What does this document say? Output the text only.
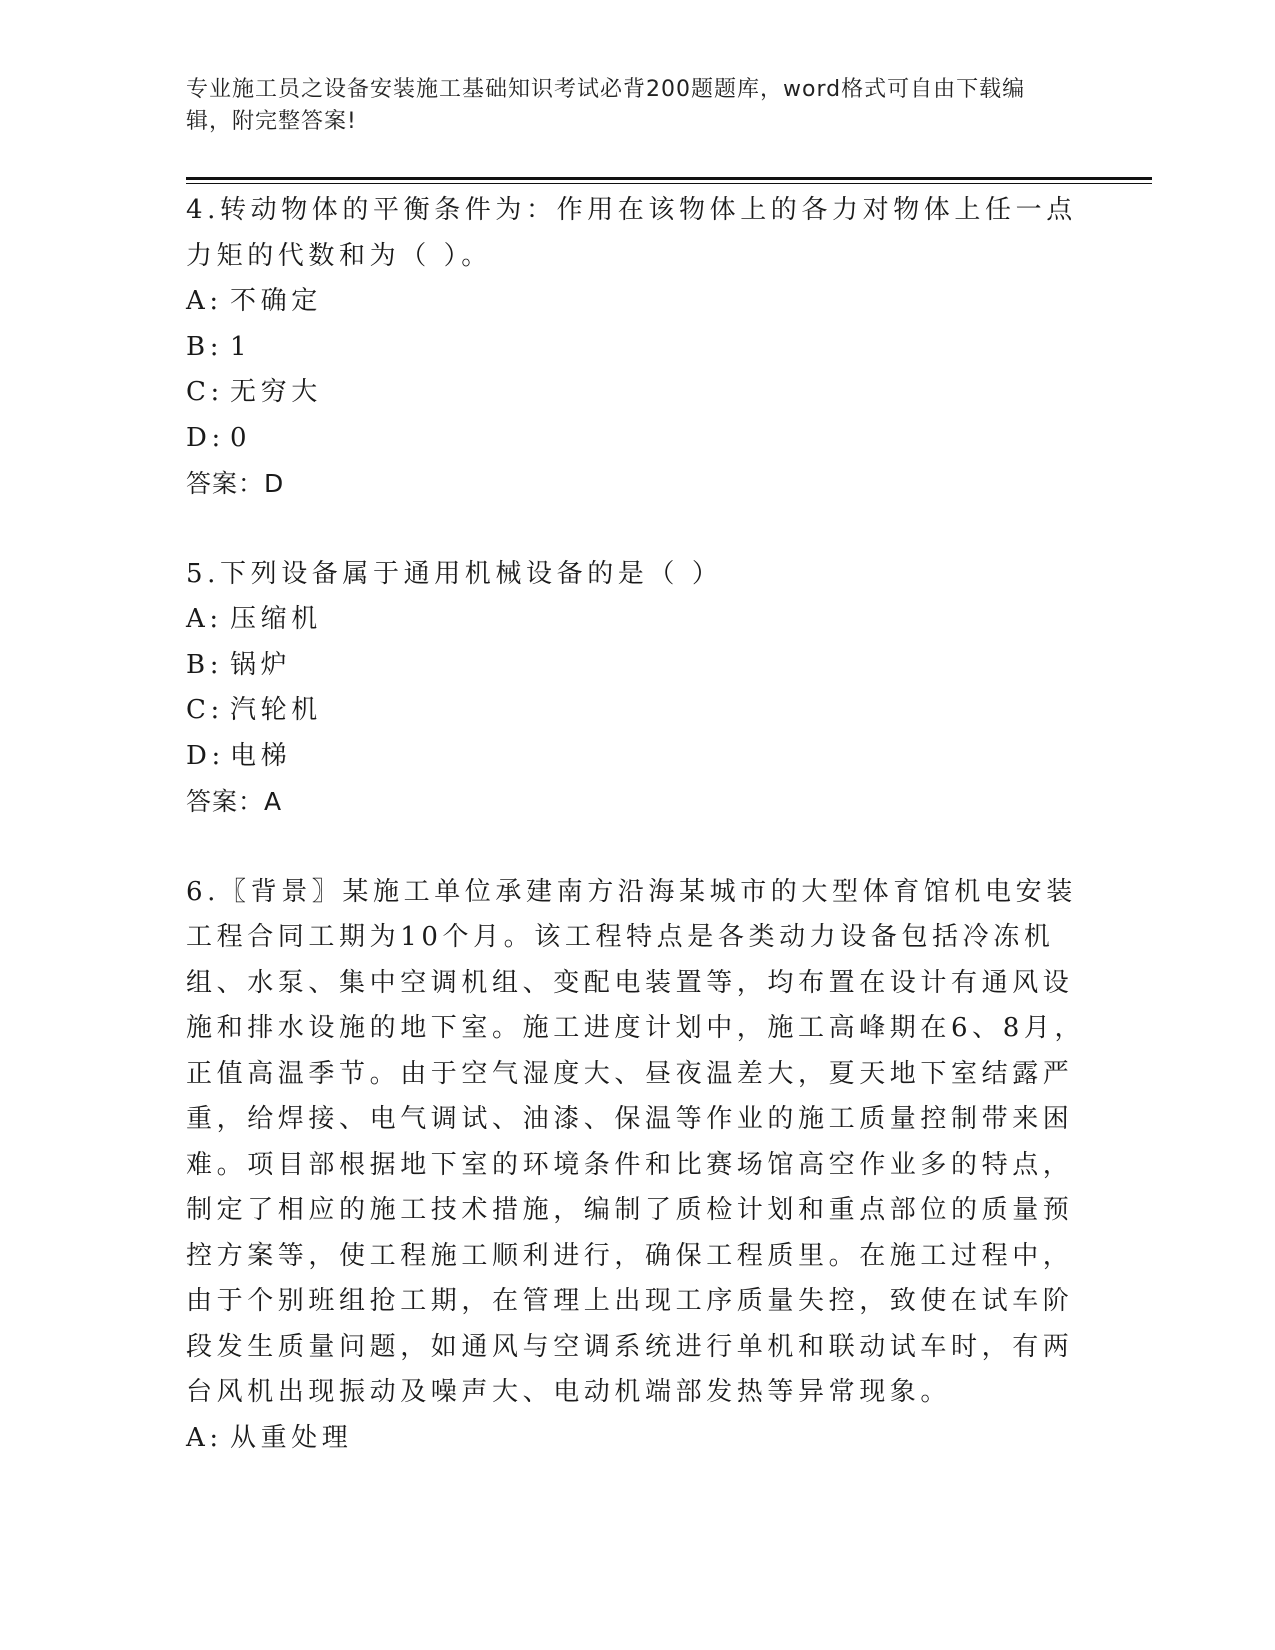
专业施工员之设备安装施工基础知识考试必背200题题库，word格式可自由下载编辑，附完整答案!

4.转动物体的平衡条件为：作用在该物体上的各力对物体上任一点力矩的代数和为（ ）。

A: 不确定

B: 1

C: 无穷大

D: 0

答案：D

5.下列设备属于通用机械设备的是（ ）

A: 压缩机

B: 锅炉

C: 汽轮机

D: 电梯

答案：A

6.〖背景〗某施工单位承建南方沿海某城市的大型体育馆机电安装工程合同工期为10个月。该工程特点是各类动力设备包括冷冻机组、水泵、集中空调机组、变配电装置等，均布置在设计有通风设施和排水设施的地下室。施工进度计划中，施工高峰期在6、8月，正值高温季节。由于空气湿度大、昼夜温差大，夏天地下室结露严重，给焊接、电气调试、油漆、保温等作业的施工质量控制带来困难。项目部根据地下室的环境条件和比赛场馆高空作业多的特点，制定了相应的施工技术措施，编制了质检计划和重点部位的质量预控方案等，使工程施工顺利进行，确保工程质里。在施工过程中，由于个别班组抢工期，在管理上出现工序质量失控，致使在试车阶段发生质量问题，如通风与空调系统进行单机和联动试车时，有两台风机出现振动及噪声大、电动机端部发热等异常现象。

A: 从重处理
